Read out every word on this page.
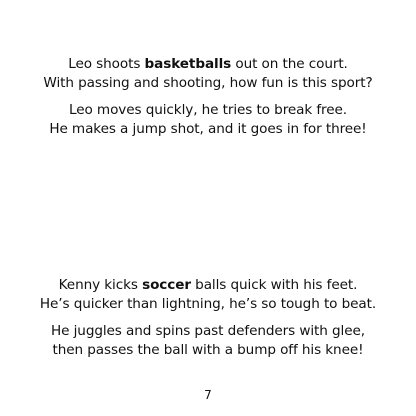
Leo shoots basketballs out on the court.
With passing and shooting, how fun is this sport?
Leo moves quickly, he tries to break free.
He makes a jump shot, and it goes in for three!
Kenny kicks soccer balls quick with his feet.
He’s quicker than lightning, he’s so tough to beat.
He juggles and spins past defenders with glee,
then passes the ball with a bump off his knee!
7
